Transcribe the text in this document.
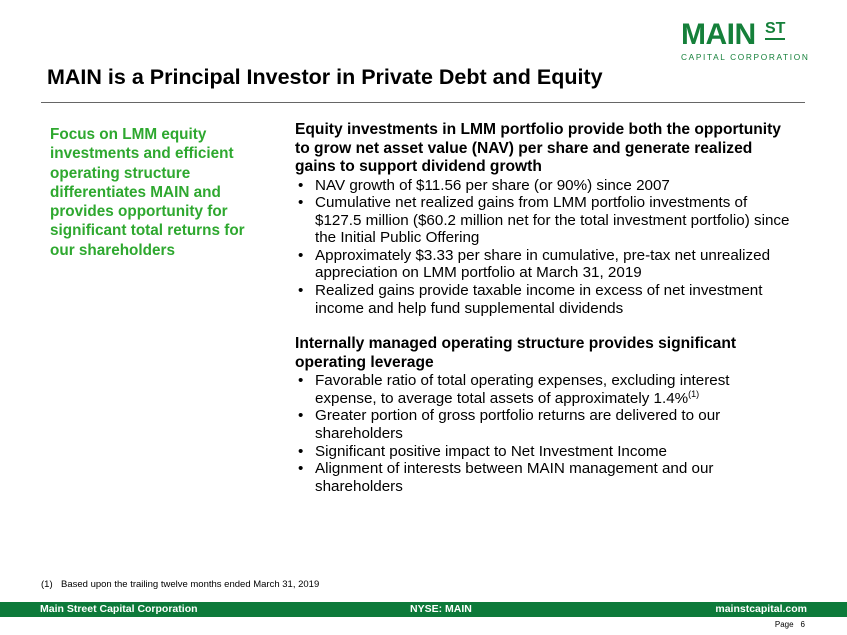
MAIN ST
CAPITAL CORPORATION
MAIN is a Principal Investor in Private Debt and Equity
Focus on LMM equity investments and efficient operating structure differentiates MAIN and provides opportunity for significant total returns for our shareholders
Equity investments in LMM portfolio provide both the opportunity to grow net asset value (NAV) per share and generate realized gains to support dividend growth
• NAV growth of $11.56 per share (or 90%) since 2007
• Cumulative net realized gains from LMM portfolio investments of $127.5 million ($60.2 million net for the total investment portfolio) since the Initial Public Offering
• Approximately $3.33 per share in cumulative, pre-tax net unrealized appreciation on LMM portfolio at March 31, 2019
• Realized gains provide taxable income in excess of net investment income and help fund supplemental dividends
Internally managed operating structure provides significant operating leverage
• Favorable ratio of total operating expenses, excluding interest expense, to average total assets of approximately 1.4%$^{(1)}$
• Greater portion of gross portfolio returns are delivered to our shareholders
• Significant positive impact to Net Investment Income
• Alignment of interests between MAIN management and our shareholders
(1) Based upon the trailing twelve months ended March 31, 2019
Main Street Capital Corporation	NYSE: MAIN	mainstcapital.com
Page 6
